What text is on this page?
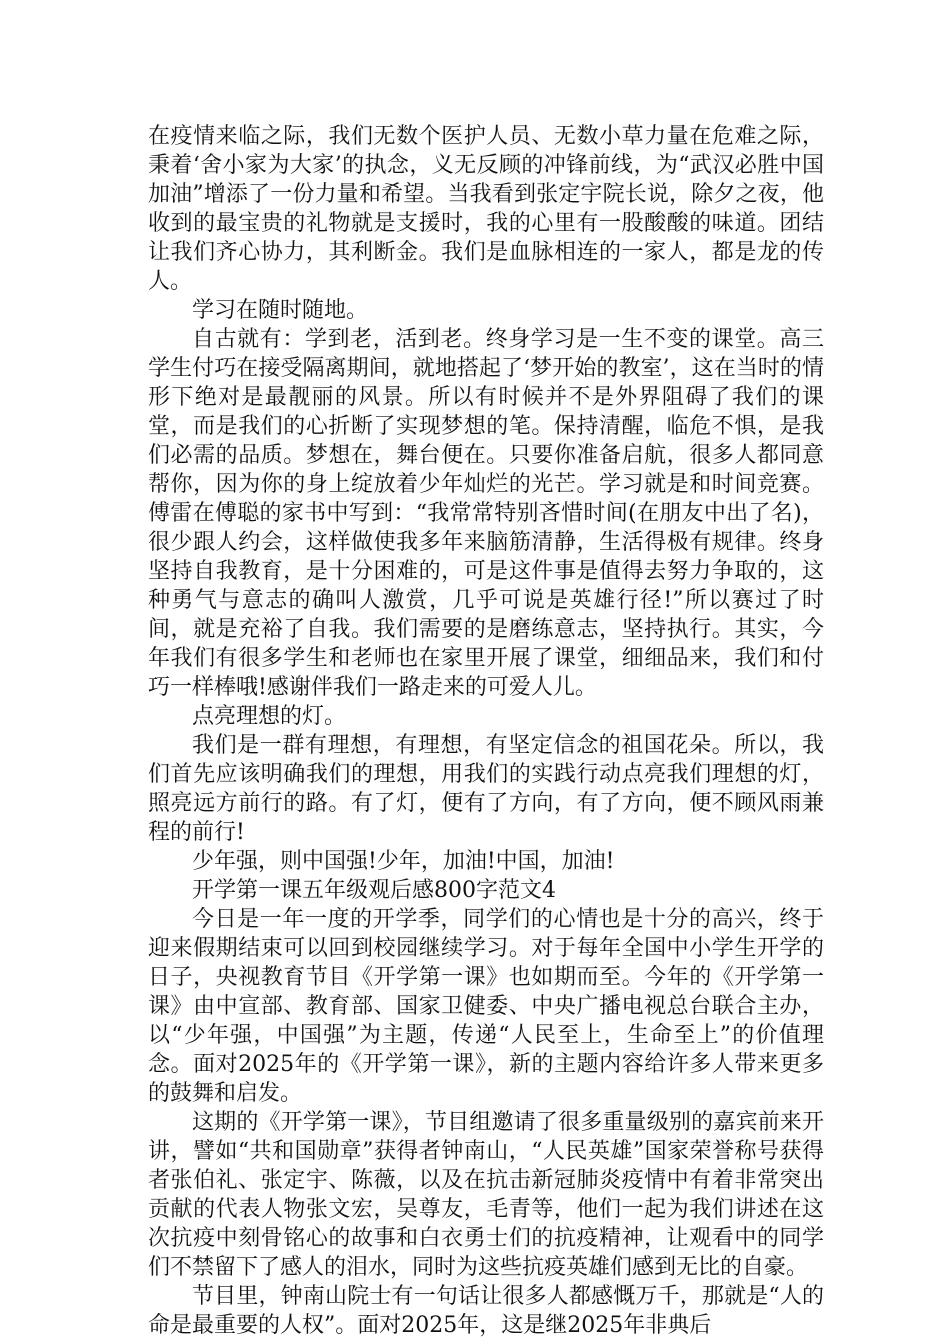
在疫情来临之际，我们无数个医护人员、无数小草力量在危难之际，秉着‘舍小家为大家’的执念，义无反顾的冲锋前线，为“武汉必胜中国加油”增添了一份力量和希望。当我看到张定宇院长说，除夕之夜，他收到的最宝贵的礼物就是支援时，我的心里有一股酸酸的味道。团结让我们齐心协力，其利断金。我们是血脉相连的一家人，都是龙的传人。

学习在随时随地。

自古就有：学到老，活到老。终身学习是一生不变的课堂。高三学生付巧在接受隔离期间，就地搭起了‘梦开始的教室’，这在当时的情形下绝对是最靓丽的风景。所以有时候并不是外界阻碍了我们的课堂，而是我们的心折断了实现梦想的笔。保持清醒，临危不惧，是我们必需的品质。梦想在，舞台便在。只要你准备启航，很多人都同意帮你，因为你的身上绽放着少年灿烂的光芒。学习就是和时间竞赛。傅雷在傅聪的家书中写到：“我常常特别吝惜时间(在朋友中出了名)，很少跟人约会，这样做使我多年来脑筋清静，生活得极有规律。终身坚持自我教育，是十分困难的，可是这件事是值得去努力争取的，这种勇气与意志的确叫人激赏，几乎可说是英雄行径!”所以赛过了时间，就是充裕了自我。我们需要的是磨练意志，坚持执行。其实，今年我们有很多学生和老师也在家里开展了课堂，细细品来，我们和付巧一样棒哦!感谢伴我们一路走来的可爱人儿。

点亮理想的灯。

我们是一群有理想，有理想，有坚定信念的祖国花朵。所以，我们首先应该明确我们的理想，用我们的实践行动点亮我们理想的灯，照亮远方前行的路。有了灯，便有了方向，有了方向，便不顾风雨兼程的前行!

少年强，则中国强!少年，加油!中国，加油!

开学第一课五年级观后感800字范文4

今日是一年一度的开学季，同学们的心情也是十分的高兴，终于迎来假期结束可以回到校园继续学习。对于每年全国中小学生开学的日子，央视教育节目《开学第一课》也如期而至。今年的《开学第一课》由中宣部、教育部、国家卫健委、中央广播电视总台联合主办，以“少年强，中国强”为主题，传递“人民至上，生命至上”的价值理念。面对2025年的《开学第一课》，新的主题内容给许多人带来更多的鼓舞和启发。

这期的《开学第一课》，节目组邀请了很多重量级别的嘉宾前来开讲，譬如“共和国勋章”获得者钟南山，“人民英雄”国家荣誉称号获得者张伯礼、张定宇、陈薇，以及在抗击新冠肺炎疫情中有着非常突出贡献的代表人物张文宏，吴尊友，毛青等，他们一起为我们讲述在这次抗疫中刻骨铭心的故事和白衣勇士们的抗疫精神，让观看中的同学们不禁留下了感人的泪水，同时为这些抗疫英雄们感到无比的自豪。

节目里，钟南山院士有一句话让很多人都感慨万千，那就是“人的命是最重要的人权”。面对2025年，这是继2025年非典后
